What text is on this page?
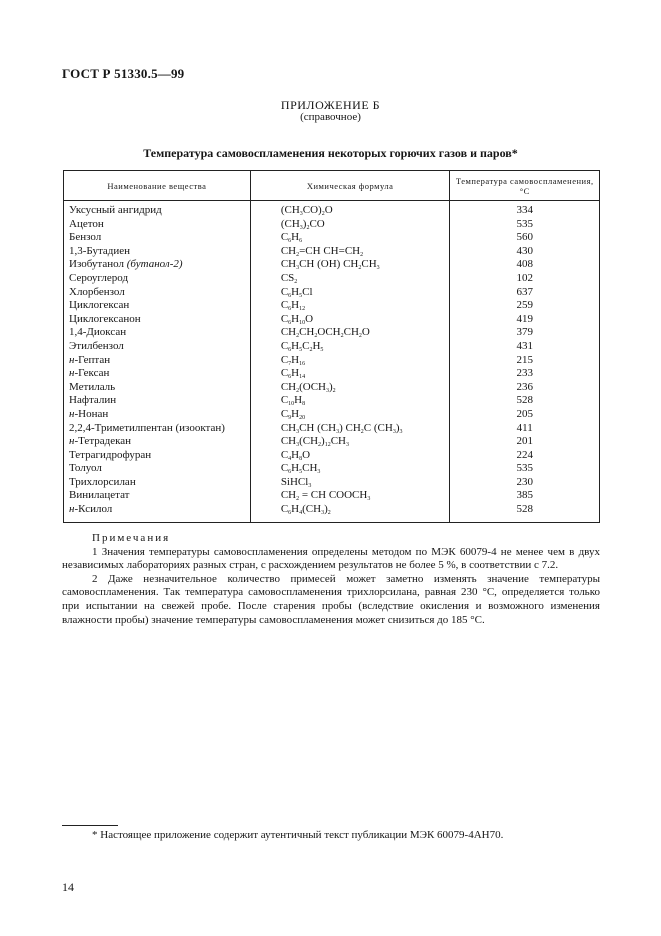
ГОСТ Р 51330.5—99
ПРИЛОЖЕНИЕ Б
(справочное)
Температура самовоспламенения некоторых горючих газов и паров*
Наименование вещества	Химическая формула	Температура самовоспламенения, °С
Уксусный ангидрид	$(CH_3CO)_2O$	334
Ацетон	$(CH_3)_2CO$	535
Бензол	$C_6H_6$	560
1,3-Бутадиен	$CH_2=CH$ $CH=CH_2$	430
Изобутанол (бутанол-2)	$CH_3CH$ (OH) $CH_2CH_3$	408
Сероуглерод	$CS_2$	102
Хлорбензол	$C_6H_5Cl$	637
Циклогексан	$C_6H_{12}$	259
Циклогексанон	$C_6H_{10}O$	419
1,4-Диоксан	$CH_2CH_2OCH_2CH_2O$	379
Этилбензол	$C_6H_5C_2H_5$	431
н-Гептан	$C_7H_{16}$	215
н-Гексан	$C_6H_{14}$	233
Метилаль	$CH_2(OCH_3)_2$	236
Нафталин	$C_{10}H_8$	528
н-Нонан	$C_9H_{20}$	205
2,2,4-Триметилпентан (изооктан)	$CH_3CH$ $(CH_3)$ $CH_2C$ $(CH_3)_3$	411
н-Тетрадекан	$CH_3(CH_2)_{12}CH_3$	201
Тетрагидрофуран	$C_4H_8O$	224
Толуол	$C_6H_5CH_3$	535
Трихлорсилан	SiHCl$_3$	230
Винилацетат	$CH_2$ = CH $COOCH_3$	385
н-Ксилол	$C_6H_4(CH_3)_2$	528

Примечания

1 Значения температуры самовоспламенения определены методом по МЭК 60079-4 не менее чем в двух независимых лабораториях разных стран, с расхождением результатов не более 5 %, в соответствии с 7.2.

2 Даже незначительное количество примесей может заметно изменять значение температуры самовоспламенения. Так температура самовоспламенения трихлорсилана, равная 230 °С, определяется только при испытании на свежей пробе. После старения пробы (вследствие окисления и возможного изменения влажности пробы) значение температуры самовоспламенения может снизиться до 185 °С.

* Настоящее приложение содержит аутентичный текст публикации МЭК 60079-4АН70.
14
